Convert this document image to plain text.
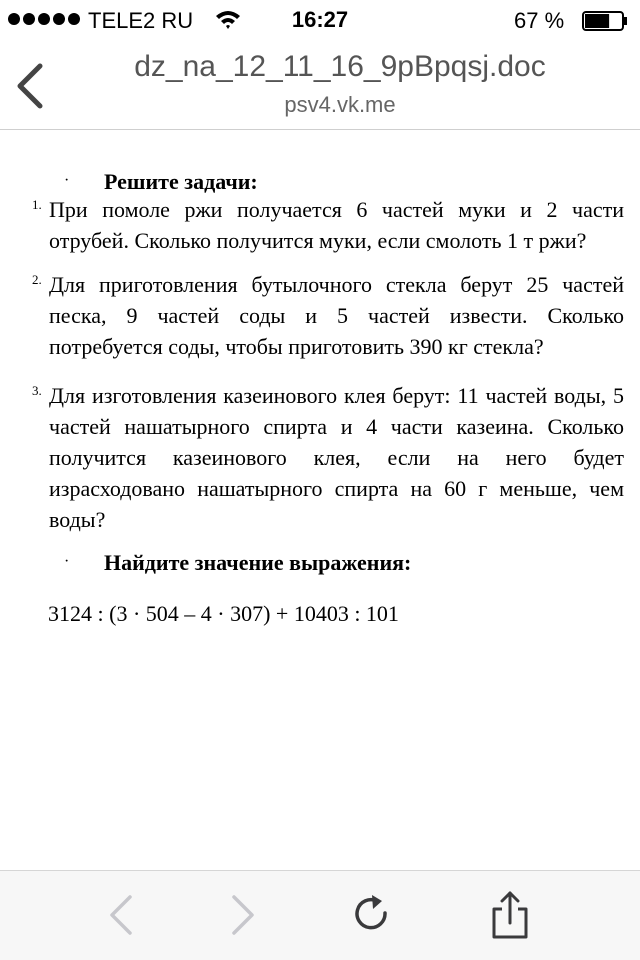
TELE2 RU	16:27	67 %
dz_na_12_11_16_9pBpqsj.doc
psv4.vk.me
· Решите задачи:
1. При помоле ржи получается 6 частей муки и 2 части отрубей. Сколько получится муки, если смолоть 1 т ржи?
2. Для приготовления бутылочного стекла берут 25 частей песка, 9 частей соды и 5 частей извести. Сколько потребуется соды, чтобы приготовить 390 кг стекла?
3. Для изготовления казеинового клея берут: 11 частей воды, 5 частей нашатырного спирта и 4 части казеина. Сколько получится казеинового клея, если на него будет израсходовано нашатырного спирта на 60 г меньше, чем воды?
· Найдите значение выражения:
3124 : (3 · 504 – 4 · 307) + 10403 : 101
